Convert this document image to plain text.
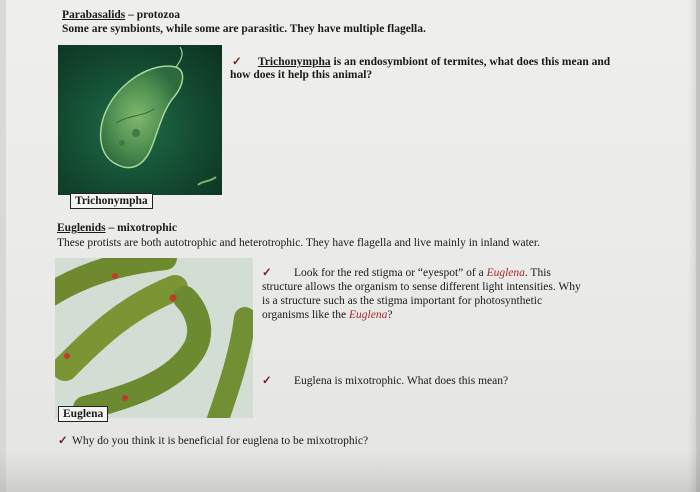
Parabasalids – protozoa
Some are symbionts, while some are parasitic. They have multiple flagella.
Trichonympha
✓ Trichonympha is an endosymbiont of termites, what does this mean and
how does it help this animal?
Euglenids – mixotrophic
These protists are both autotrophic and heterotrophic. They have flagella and live mainly in inland water.
Euglena
✓ Look for the red stigma or “eyespot” of a Euglena. This
structure allows the organism to sense different light intensities. Why
is a structure such as the stigma important for photosynthetic
organisms like the Euglena?
✓ Euglena is mixotrophic. What does this mean?
✓ Why do you think it is beneficial for euglena to be mixotrophic?
